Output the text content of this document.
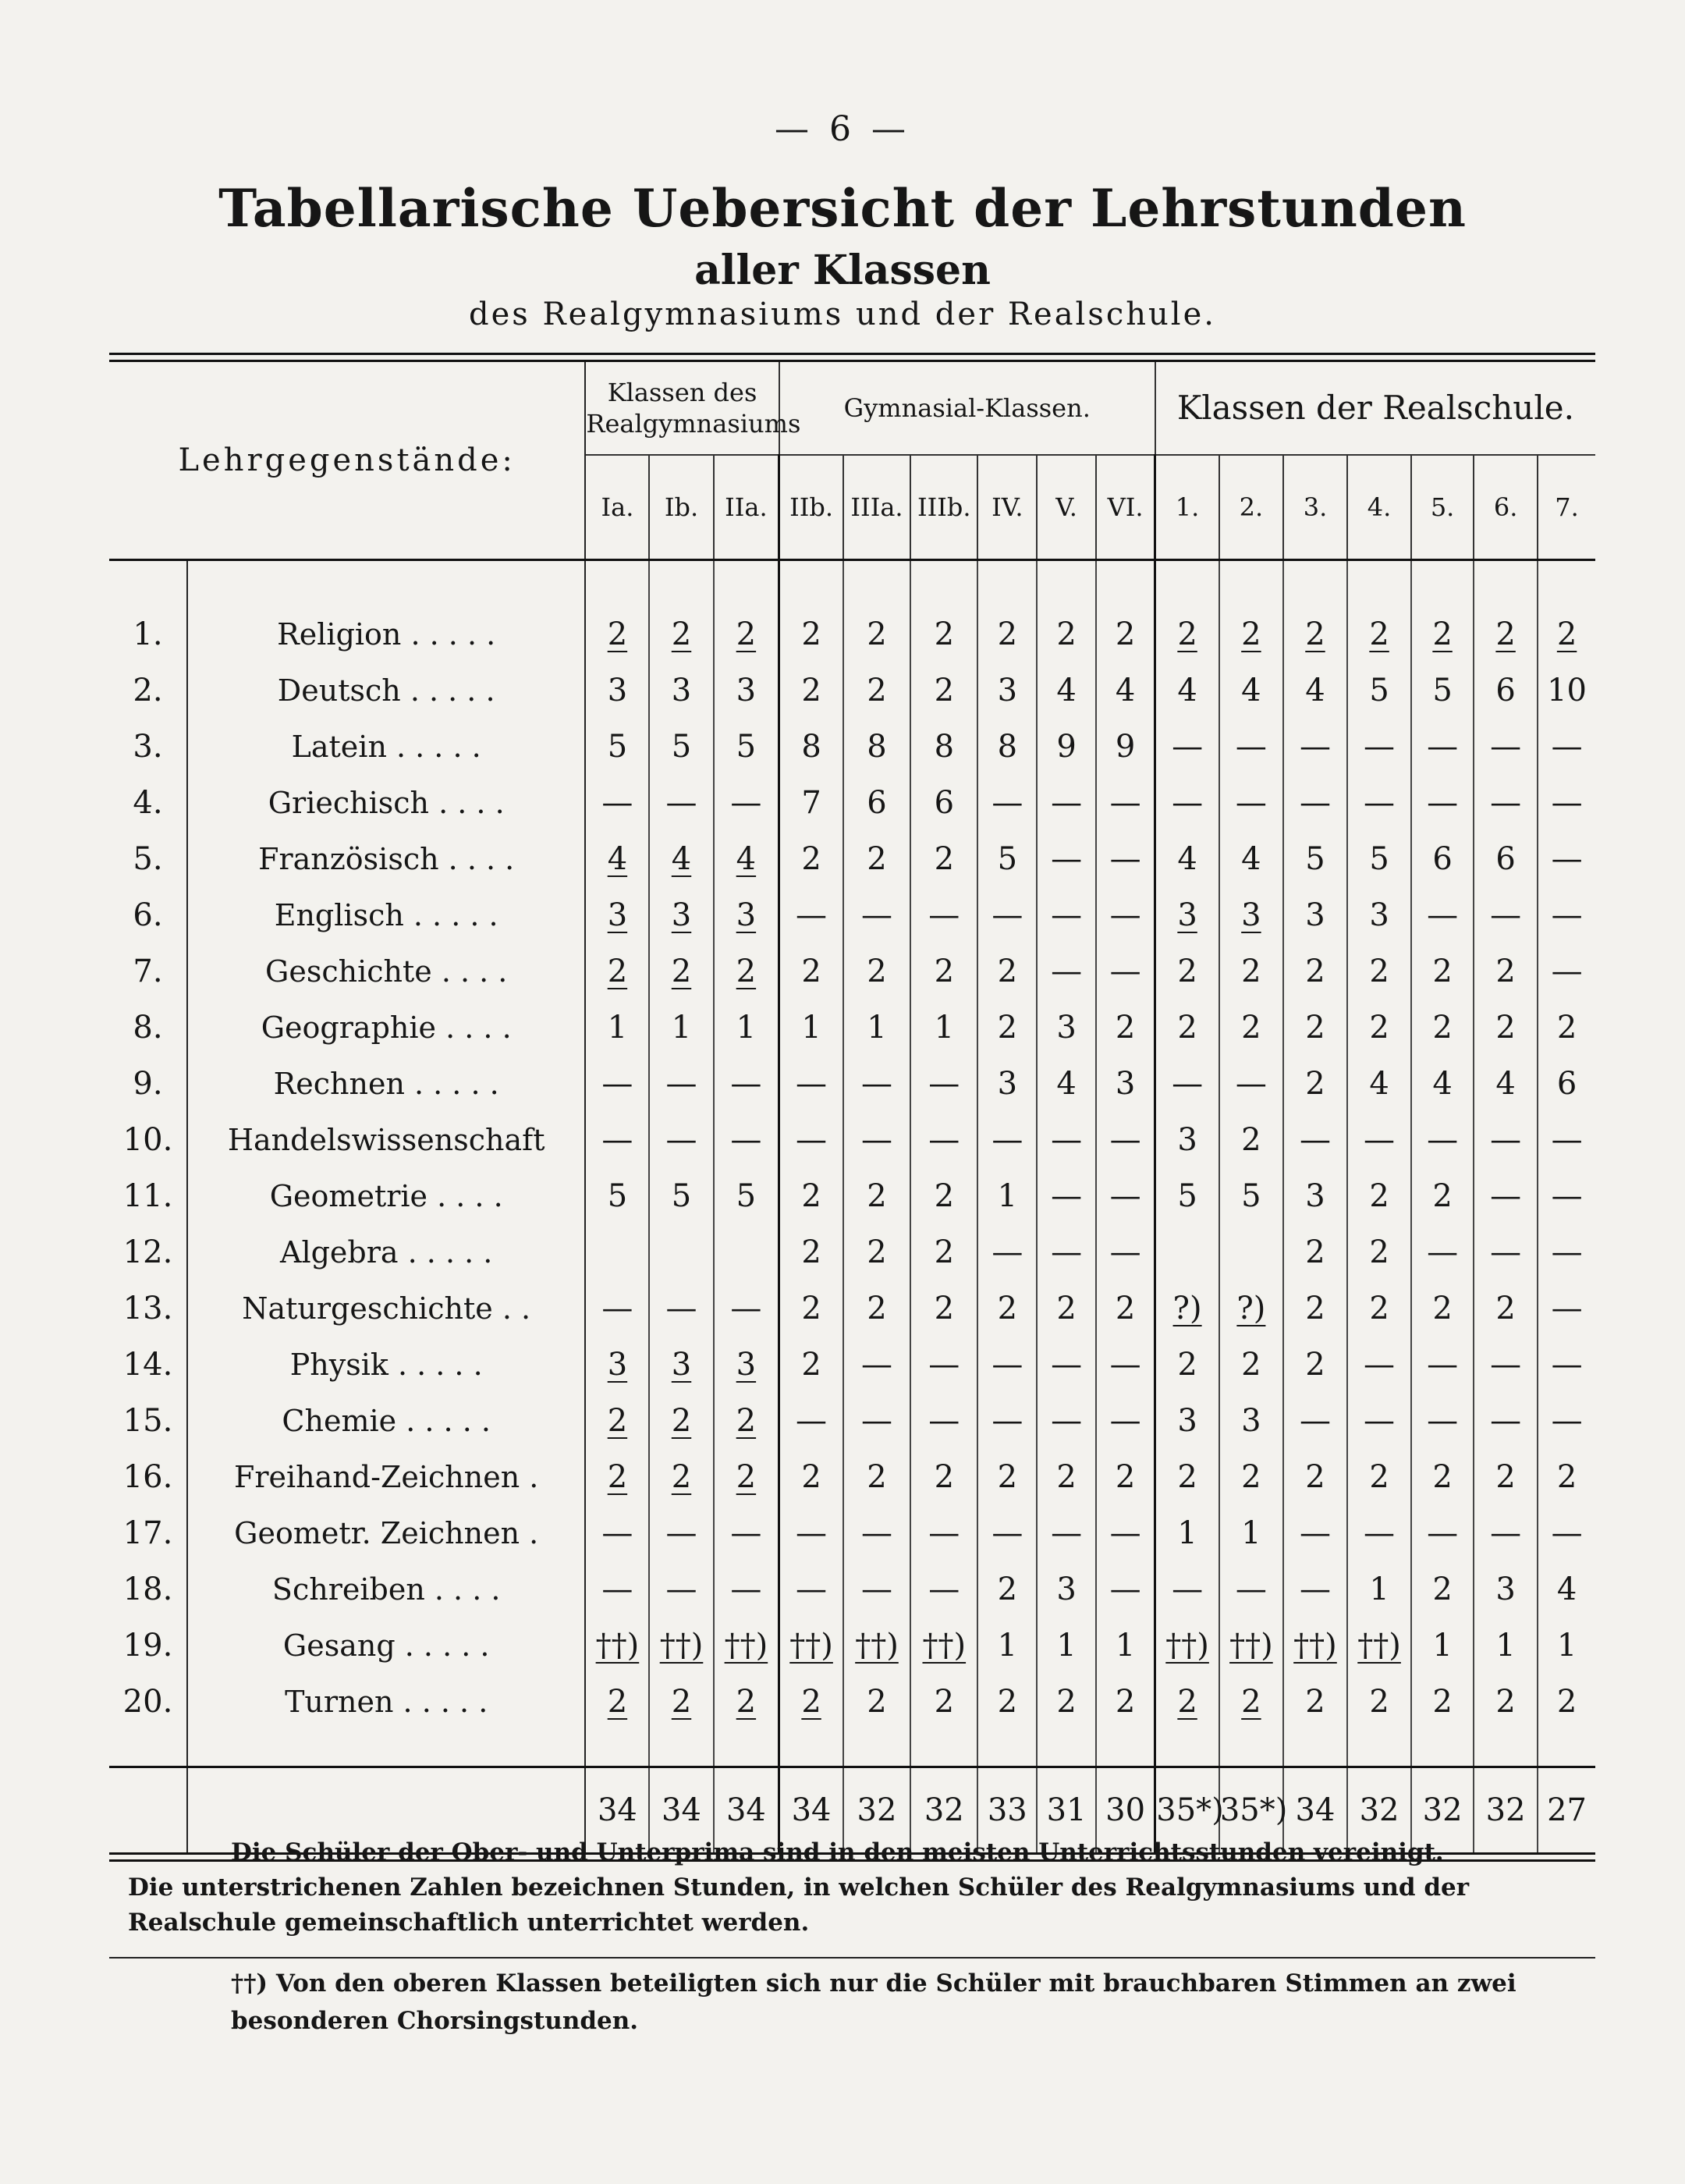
— 6 —
Tabellarische Uebersicht der Lehrstunden
aller Klassen
des Realgymnasiums und der Realschule.
Lehrgegenstände:		Klassen des Realgymnasiums			Gymnasial-Klassen.						Klassen der Realschule.						
		Ia.	Ib.	IIa.	IIb.	IIIa.	IIIb.	IV.	V.	VI.	1.	2.	3.	4.	5.	6.	7.

1.	Religion . . . . .	2	2	2	2	2	2	2	2	2	2	2	2	2	2	2	2
2.	Deutsch . . . . .	3	3	3	2	2	2	3	4	4	4	4	4	5	5	6	10
3.	Latein . . . . .	5	5	5	8	8	8	8	9	9	—	—	—	—	—	—	—
4.	Griechisch . . . .	—	—	—	7	6	6	—	—	—	—	—	—	—	—	—	—
5.	Französisch . . . .	4	4	4	2	2	2	5	—	—	4	4	5	5	6	6	—
6.	Englisch . . . . .	3	3	3	—	—	—	—	—	—	3	3	3	3	—	—	—
7.	Geschichte . . . .	2	2	2	2	2	2	2	—	—	2	2	2	2	2	2	—
8.	Geographie . . . .	1	1	1	1	1	1	2	3	2	2	2	2	2	2	2	2
9.	Rechnen . . . . .	—	—	—	—	—	—	3	4	3	—	—	2	4	4	4	6
10.	Handelswissenschaft	—	—	—	—	—	—	—	—	—	3	2	—	—	—	—	—
11.	Geometrie . . . .	5	5	5	2	2	2	1	—	—	5	5	3	2	2	—	—
12.	Algebra . . . . .				2	2	2	—	—	—			2	2	—	—	—
13.	Naturgeschichte . .	—	—	—	2	2	2	2	2	2	?)	?)	2	2	2	2	—
14.	Physik . . . . .	3	3	3	2	—	—	—	—	—	2	2	2	—	—	—	—
15.	Chemie . . . . .	2	2	2	—	—	—	—	—	—	3	3	—	—	—	—	—
16.	Freihand-Zeichnen .	2	2	2	2	2	2	2	2	2	2	2	2	2	2	2	2
17.	Geometr. Zeichnen .	—	—	—	—	—	—	—	—	—	1	1	—	—	—	—	—
18.	Schreiben . . . .	—	—	—	—	—	—	2	3	—	—	—	—	1	2	3	4
19.	Gesang . . . . .	††)	††)	††)	††)	††)	††)	1	1	1	††)	††)	††)	††)	1	1	1
20.	Turnen . . . . .	2	2	2	2	2	2	2	2	2	2	2	2	2	2	2	2

		34	34	34	34	32	32	33	31	30	35*)	35*)	34	32	32	32	27
Die Schüler der Ober- und Unterprima sind in den meisten Unterrichtsstunden vereinigt.
Die unterstrichenen Zahlen bezeichnen Stunden, in welchen Schüler des Realgymnasiums und der Realschule gemeinschaftlich unterrichtet werden.
††) Von den oberen Klassen beteiligten sich nur die Schüler mit brauchbaren Stimmen an zwei besonderen Chorsingstunden.
